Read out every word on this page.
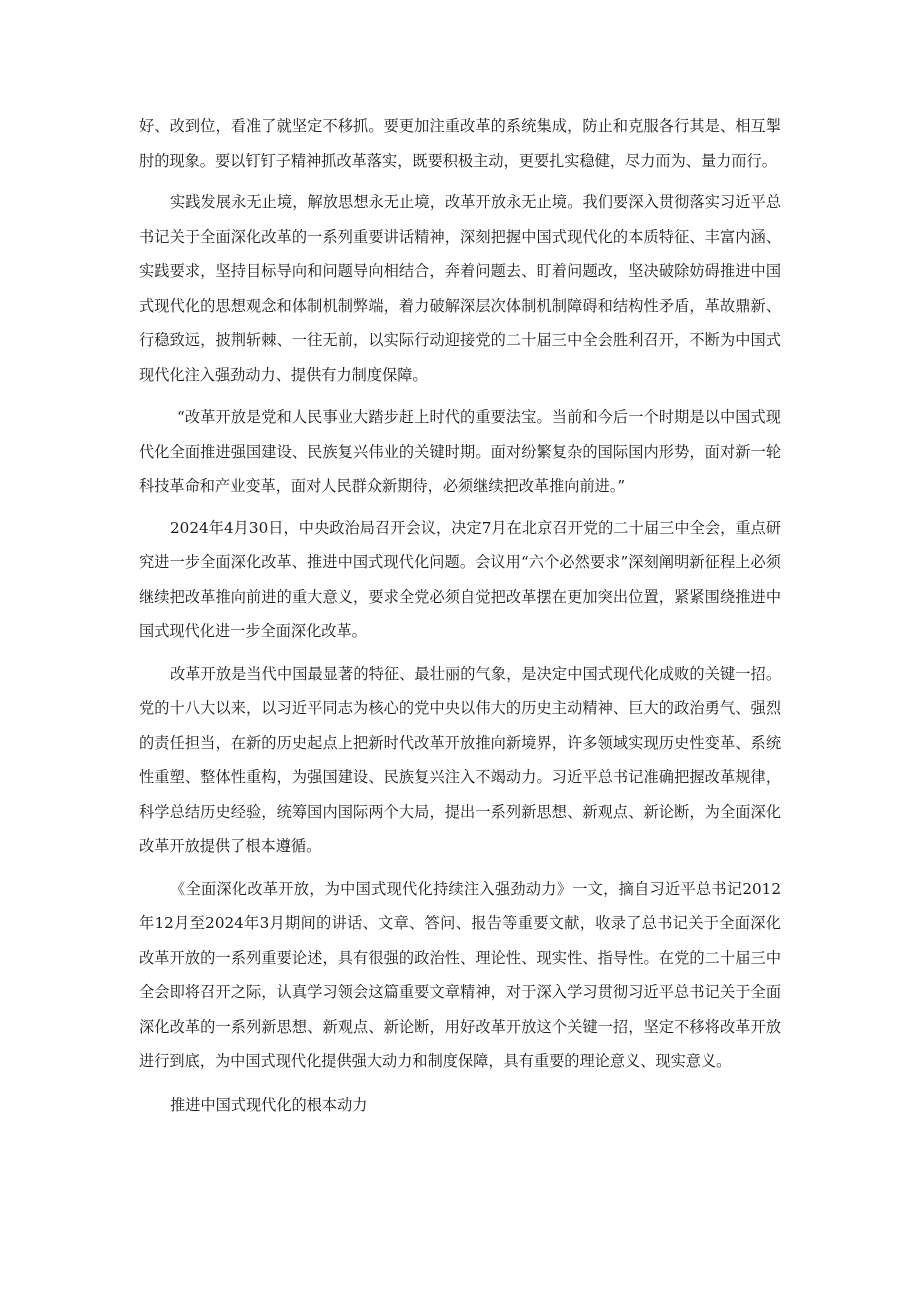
好、改到位，看准了就坚定不移抓。要更加注重改革的系统集成，防止和克服各行其是、相互掣肘的现象。要以钉钉子精神抓改革落实，既要积极主动，更要扎实稳健，尽力而为、量力而行。

实践发展永无止境，解放思想永无止境，改革开放永无止境。我们要深入贯彻落实习近平总书记关于全面深化改革的一系列重要讲话精神，深刻把握中国式现代化的本质特征、丰富内涵、实践要求，坚持目标导向和问题导向相结合，奔着问题去、盯着问题改，坚决破除妨碍推进中国式现代化的思想观念和体制机制弊端，着力破解深层次体制机制障碍和结构性矛盾，革故鼎新、行稳致远，披荆斩棘、一往无前，以实际行动迎接党的二十届三中全会胜利召开，不断为中国式现代化注入强劲动力、提供有力制度保障。

“改革开放是党和人民事业大踏步赶上时代的重要法宝。当前和今后一个时期是以中国式现代化全面推进强国建设、民族复兴伟业的关键时期。面对纷繁复杂的国际国内形势，面对新一轮科技革命和产业变革，面对人民群众新期待，必须继续把改革推向前进。”

2024年4月30日，中央政治局召开会议，决定7月在北京召开党的二十届三中全会，重点研究进一步全面深化改革、推进中国式现代化问题。会议用“六个必然要求”深刻阐明新征程上必须继续把改革推向前进的重大意义，要求全党必须自觉把改革摆在更加突出位置，紧紧围绕推进中国式现代化进一步全面深化改革。

改革开放是当代中国最显著的特征、最壮丽的气象，是决定中国式现代化成败的关键一招。党的十八大以来，以习近平同志为核心的党中央以伟大的历史主动精神、巨大的政治勇气、强烈的责任担当，在新的历史起点上把新时代改革开放推向新境界，许多领域实现历史性变革、系统性重塑、整体性重构，为强国建设、民族复兴注入不竭动力。习近平总书记准确把握改革规律，科学总结历史经验，统筹国内国际两个大局，提出一系列新思想、新观点、新论断，为全面深化改革开放提供了根本遵循。

《全面深化改革开放，为中国式现代化持续注入强劲动力》一文，摘自习近平总书记2012年12月至2024年3月期间的讲话、文章、答问、报告等重要文献，收录了总书记关于全面深化改革开放的一系列重要论述，具有很强的政治性、理论性、现实性、指导性。在党的二十届三中全会即将召开之际，认真学习领会这篇重要文章精神，对于深入学习贯彻习近平总书记关于全面深化改革的一系列新思想、新观点、新论断，用好改革开放这个关键一招，坚定不移将改革开放进行到底，为中国式现代化提供强大动力和制度保障，具有重要的理论意义、现实意义。

推进中国式现代化的根本动力
